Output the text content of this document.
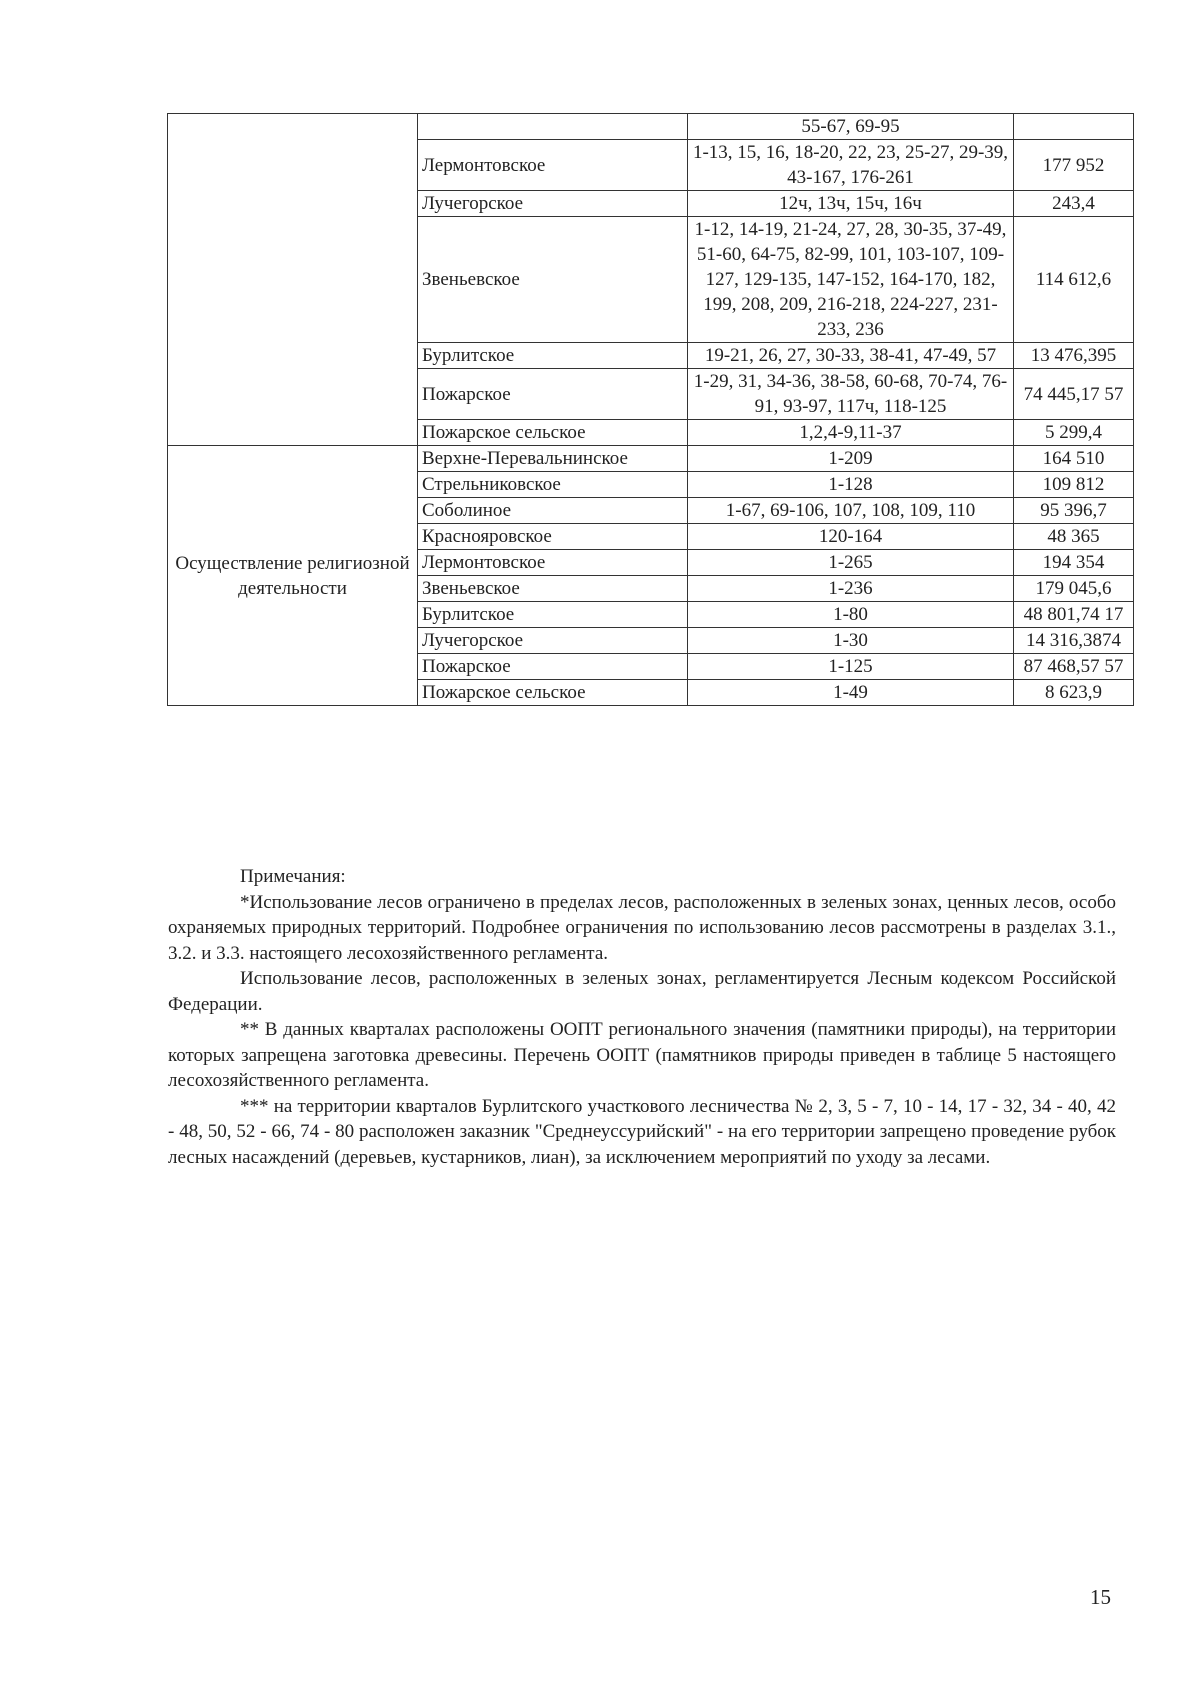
		55-67, 69-95	
	Лермонтовское	1-13, 15, 16, 18-20, 22, 23, 25-27, 29-39, 43-167, 176-261	177 952
	Лучегорское	12ч, 13ч, 15ч, 16ч	243,4
	Звеньевское	1-12, 14-19, 21-24, 27, 28, 30-35, 37-49, 51-60, 64-75, 82-99, 101, 103-107, 109-127, 129-135, 147-152, 164-170, 182, 199, 208, 209, 216-218, 224-227, 231-233, 236	114 612,6
	Бурлитское	19-21, 26, 27, 30-33, 38-41, 47-49, 57	13 476,395
	Пожарское	1-29, 31, 34-36, 38-58, 60-68, 70-74, 76-91, 93-97, 117ч, 118-125	74 445,17 57
	Пожарское сельское	1,2,4-9,11-37	5 299,4
Осуществление религиозной деятельности	Верхне-Перевальнинское	1-209	164 510
	Стрельниковское	1-128	109 812
	Соболиное	1-67, 69-106, 107, 108, 109, 110	95 396,7
	Краснояровское	120-164	48 365
	Лермонтовское	1-265	194 354
	Звеньевское	1-236	179 045,6
	Бурлитское	1-80	48 801,74 17
	Лучегорское	1-30	14 316,3874
	Пожарское	1-125	87 468,57 57
	Пожарское сельское	1-49	8 623,9

Примечания:

*Использование лесов ограничено в пределах лесов, расположенных в зеленых зонах, ценных лесов, особо охраняемых природных территорий. Подробнее ограничения по использованию лесов рассмотрены в разделах 3.1., 3.2. и 3.3. настоящего лесохозяйственного регламента.

Использование лесов, расположенных в зеленых зонах, регламентируется Лесным кодексом Российской Федерации.

** В данных кварталах расположены ООПТ регионального значения (памятники природы), на территории которых запрещена заготовка древесины. Перечень ООПТ (памятников природы приведен в таблице 5 настоящего лесохозяйственного регламента.

*** на территории кварталов Бурлитского участкового лесничества № 2, 3, 5 - 7, 10 - 14, 17 - 32, 34 - 40, 42 - 48, 50, 52 - 66, 74 - 80 расположен заказник "Среднеуссурийский" - на его территории запрещено проведение рубок лесных насаждений (деревьев, кустарников, лиан), за исключением мероприятий по уходу за лесами.

15
